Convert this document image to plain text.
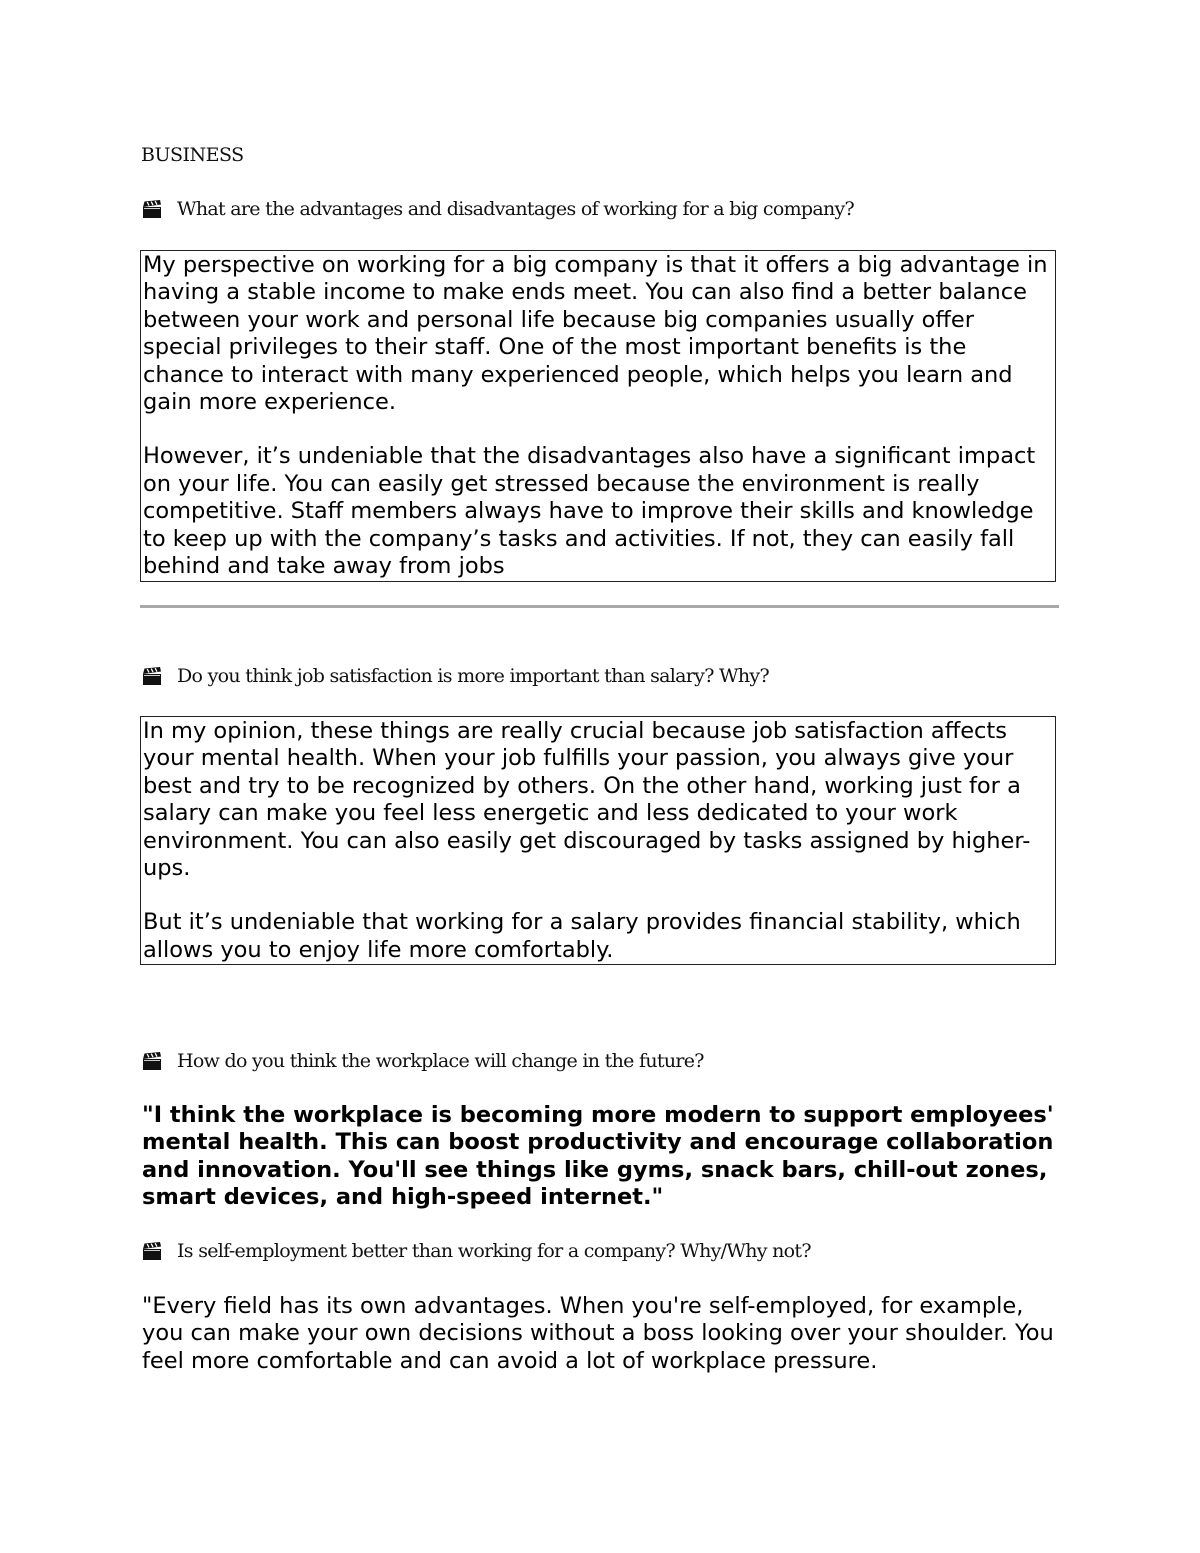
BUSINESS
What are the advantages and disadvantages of working for a big company?

My perspective on working for a big company is that it offers a big advantage in having a stable income to make ends meet. You can also find a better balance between your work and personal life because big companies usually offer special privileges to their staff. One of the most important benefits is the chance to interact with many experienced people, which helps you learn and gain more experience.

However, it’s undeniable that the disadvantages also have a significant impact on your life. You can easily get stressed because the environment is really competitive. Staff members always have to improve their skills and knowledge to keep up with the company’s tasks and activities. If not, they can easily fall behind and take away from jobs

Do you think job satisfaction is more important than salary? Why?

In my opinion, these things are really crucial because job satisfaction affects your mental health. When your job fulfills your passion, you always give your best and try to be recognized by others. On the other hand, working just for a salary can make you feel less energetic and less dedicated to your work environment. You can also easily get discouraged by tasks assigned by higher-ups.

But it’s undeniable that working for a salary provides financial stability, which allows you to enjoy life more comfortably.

How do you think the workplace will change in the future?

"I think the workplace is becoming more modern to support employees' mental health. This can boost productivity and encourage collaboration and innovation. You'll see things like gyms, snack bars, chill-out zones, smart devices, and high-speed internet."

Is self-employment better than working for a company? Why/Why not?

"Every field has its own advantages. When you're self-employed, for example, you can make your own decisions without a boss looking over your shoulder. You feel more comfortable and can avoid a lot of workplace pressure.
